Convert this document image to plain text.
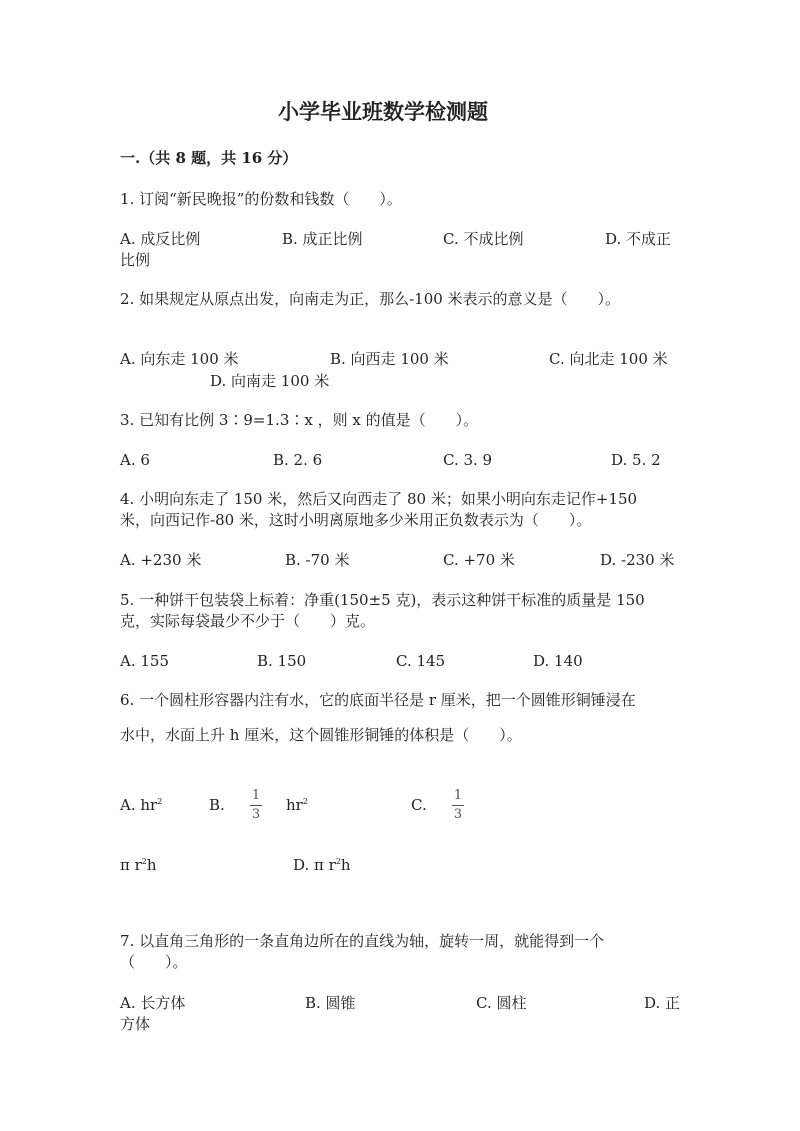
小学毕业班数学检测题
一.（共 8 题，共 16 分）
1. 订阅“新民晚报”的份数和钱数（　　）。
A. 成反比例	B. 成正比例	C. 不成比例	D. 不成正
比例
2. 如果规定从原点出发，向南走为正，那么-100 米表示的意义是（　　）。
A. 向东走 100 米	B. 向西走 100 米	C. 向北走 100 米
D. 向南走 100 米
3. 已知有比例 3∶9=1.3∶x ，则 x 的值是（　　）。
A. 6	B. 2. 6	C. 3. 9	D. 5. 2
4. 小明向东走了 150 米，然后又向西走了 80 米；如果小明向东走记作+150
米，向西记作-80 米，这时小明离原地多少米用正负数表示为（　　）。
A. +230 米	B. -70 米	C. +70 米	D. -230 米
5. 一种饼干包装袋上标着：净重(150±5 克)，表示这种饼干标准的质量是 150
克，实际每袋最少不少于（　　）克。
A. 155	B. 150	C. 145	D. 140
6. 一个圆柱形容器内注有水，它的底面半径是 r 厘米，把一个圆锥形铜锤浸在
水中，水面上升 h 厘米，这个圆锥形铜锤的体积是（　　）。
A. $hr^2$	B.
1
3
$hr^2$	C.
1
3
π $r^2h$	D. π $r^2h$
7. 以直角三角形的一条直角边所在的直线为轴，旋转一周，就能得到一个
（　　）。
A. 长方体	B. 圆锥	C. 圆柱	D. 正
方体
